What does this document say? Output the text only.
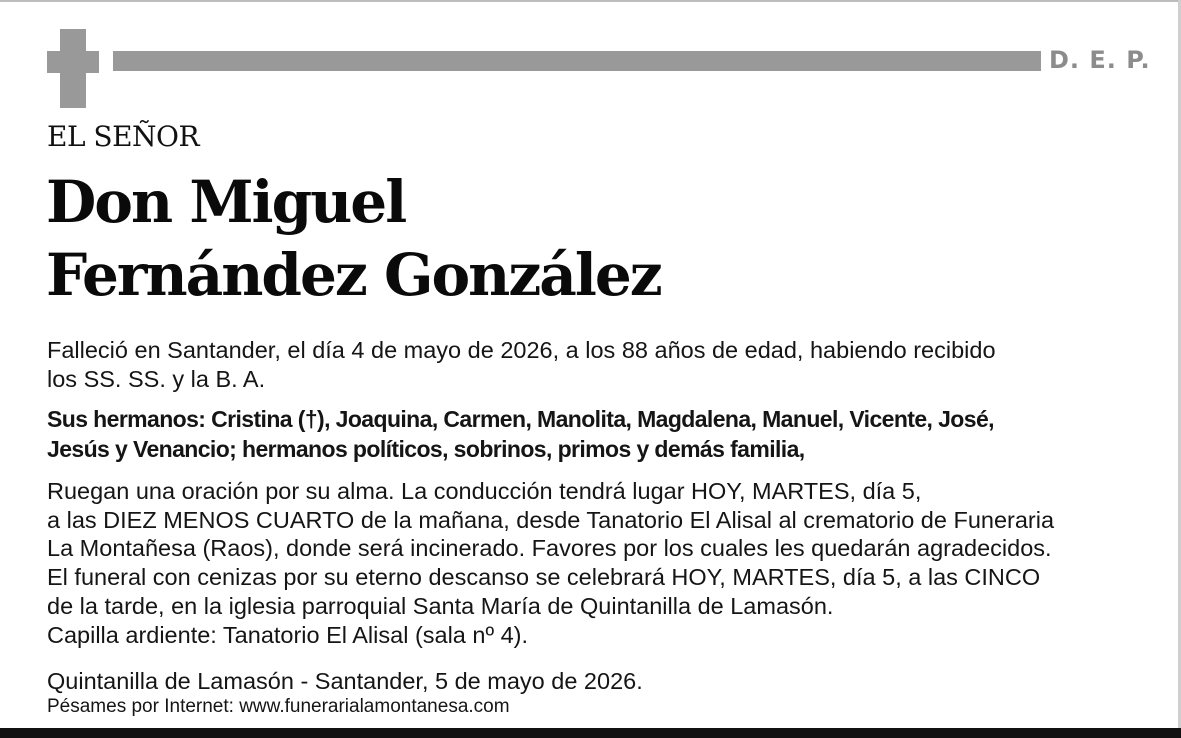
D. E. P.
EL SEÑOR
Don Miguel
Fernández González
Falleció en Santander, el día 4 de mayo de 2026, a los 88 años de edad, habiendo recibido
los SS. SS. y la B. A.
Sus hermanos: Cristina (†), Joaquina, Carmen, Manolita, Magdalena, Manuel, Vicente, José,
Jesús y Venancio; hermanos políticos, sobrinos, primos y demás familia,
Ruegan una oración por su alma. La conducción tendrá lugar HOY, MARTES, día 5,
a las DIEZ MENOS CUARTO de la mañana, desde Tanatorio El Alisal al crematorio de Funeraria
La Montañesa (Raos), donde será incinerado. Favores por los cuales les quedarán agradecidos.
El funeral con cenizas por su eterno descanso se celebrará HOY, MARTES, día 5, a las CINCO
de la tarde, en la iglesia parroquial Santa María de Quintanilla de Lamasón.
Capilla ardiente: Tanatorio El Alisal (sala nº 4).
Quintanilla de Lamasón - Santander, 5 de mayo de 2026.
Pésames por Internet: www.funerarialamontanesa.com
